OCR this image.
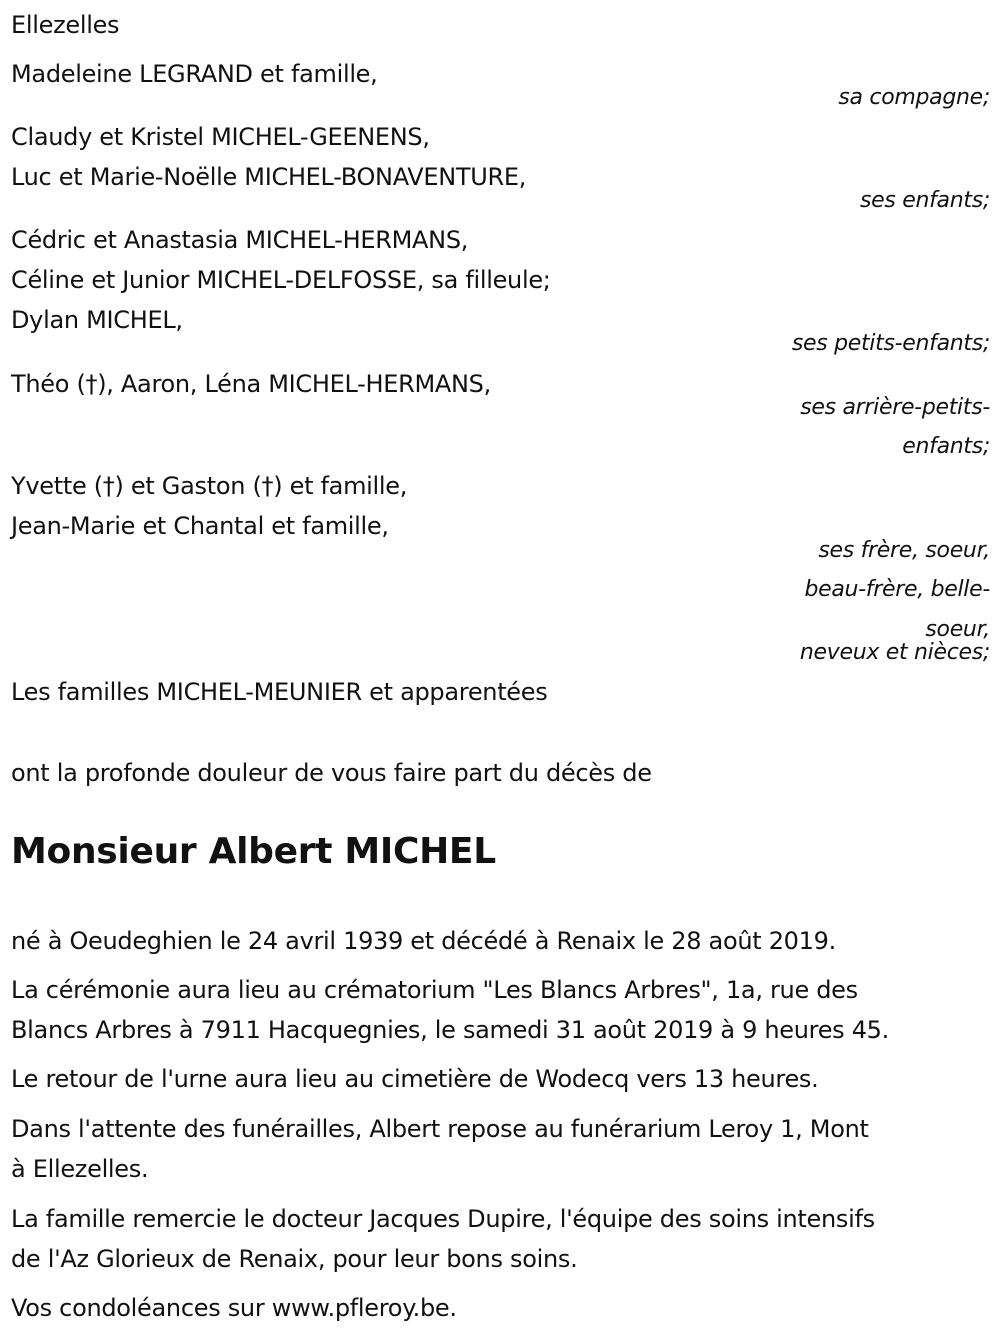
Ellezelles
Madeleine LEGRAND et famille,
sa compagne;
Claudy et Kristel MICHEL-GEENENS,
Luc et Marie-Noëlle MICHEL-BONAVENTURE,
ses enfants;
Cédric et Anastasia MICHEL-HERMANS,
Céline et Junior MICHEL-DELFOSSE, sa filleule;
Dylan MICHEL,
ses petits-enfants;
Théo (†), Aaron, Léna MICHEL-HERMANS,
ses arrière-petits-
enfants;
Yvette (†) et Gaston (†) et famille,
Jean-Marie et Chantal et famille,
ses frère, soeur,
beau-frère, belle-
soeur,
neveux et nièces;
Les familles MICHEL-MEUNIER et apparentées
ont la profonde douleur de vous faire part du décès de
Monsieur Albert MICHEL
né à Oeudeghien le 24 avril 1939 et décédé à Renaix le 28 août 2019.
La cérémonie aura lieu au crématorium "Les Blancs Arbres", 1a, rue des
Blancs Arbres à 7911 Hacquegnies, le samedi 31 août 2019 à 9 heures 45.
Le retour de l'urne aura lieu au cimetière de Wodecq vers 13 heures.
Dans l'attente des funérailles, Albert repose au funérarium Leroy 1, Mont
à Ellezelles.
La famille remercie le docteur Jacques Dupire, l'équipe des soins intensifs
de l'Az Glorieux de Renaix, pour leur bons soins.
Vos condoléances sur www.pfleroy.be.
